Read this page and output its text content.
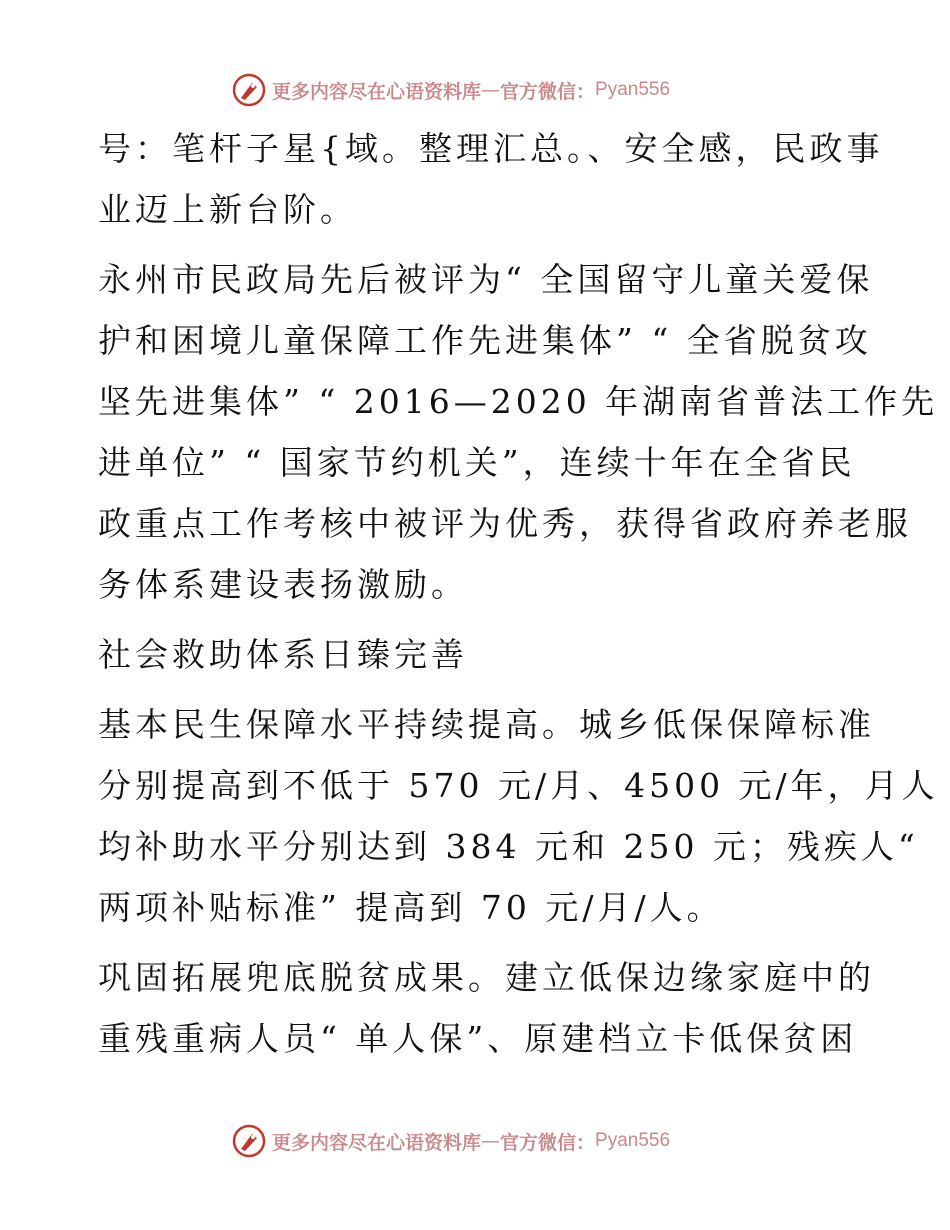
更多内容尽在心语资料库 — 官方微信： Pyan556

号：笔杆子星{域。整理汇总。、安全感，民政事
业迈上新台阶。

永州市民政局先后被评为“ 全国留守儿童关爱保
护和困境儿童保障工作先进集体” “ 全省脱贫攻
坚先进集体” “ 2016—2020 年湖南省普法工作先
进单位” “ 国家节约机关”，连续十年在全省民
政重点工作考核中被评为优秀，获得省政府养老服
务体系建设表扬激励。

社会救助体系日臻完善

基本民生保障水平持续提高。城乡低保保障标准
分别提高到不低于 570 元/月、4500 元/年，月人
均补助水平分别达到 384 元和 250 元；残疾人“
两项补贴标准” 提高到 70 元/月/人。

巩固拓展兜底脱贫成果。建立低保边缘家庭中的
重残重病人员“ 单人保”、原建档立卡低保贫困

更多内容尽在心语资料库 — 官方微信： Pyan556
